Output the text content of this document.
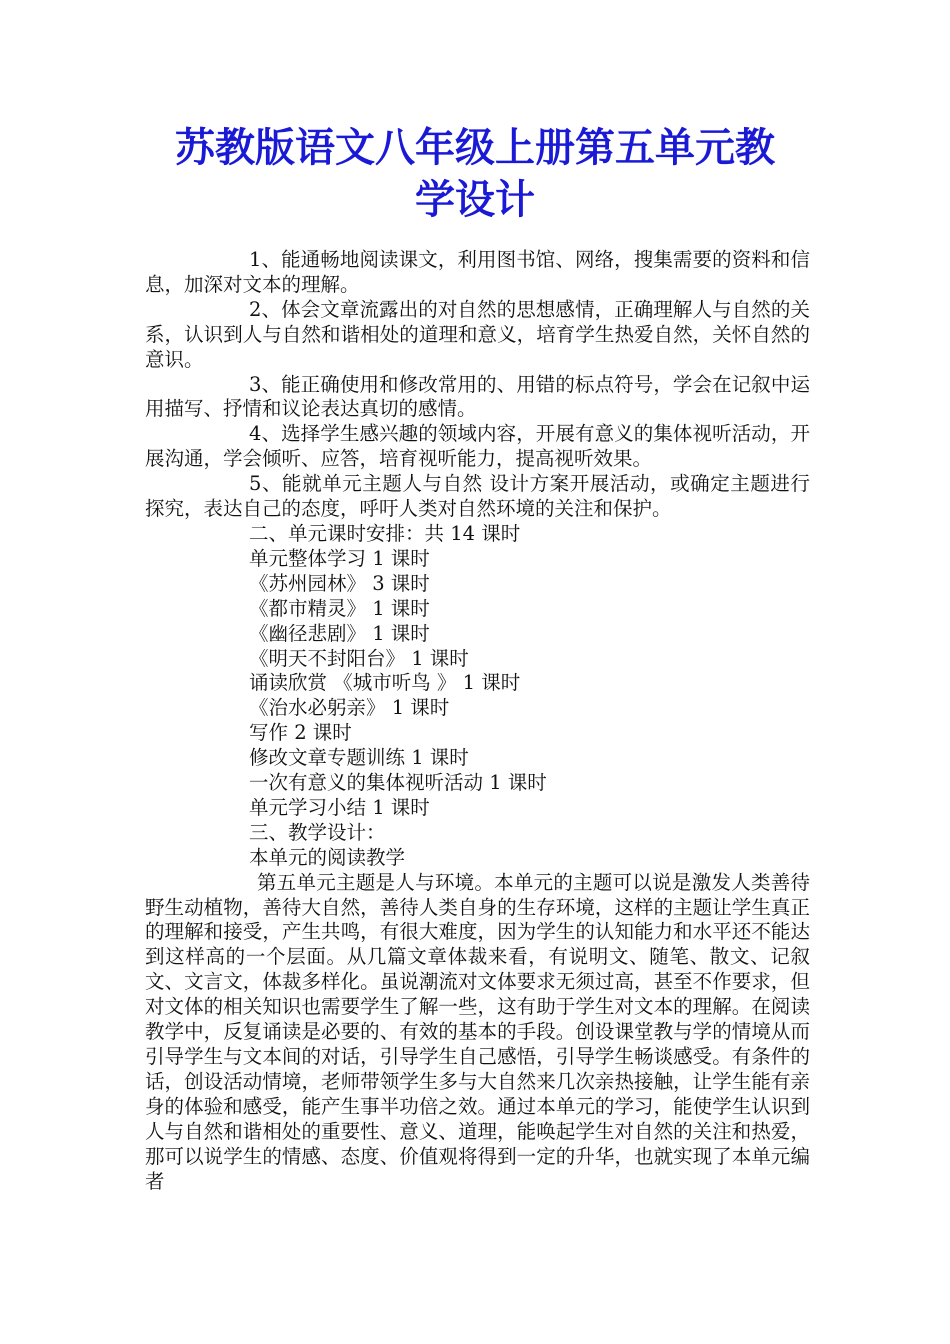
苏教版语文八年级上册第五单元教
学设计

1、能通畅地阅读课文，利用图书馆、网络，搜集需要的资料和信息，加深对文本的理解。

2、体会文章流露出的对自然的思想感情，正确理解人与自然的关系，认识到人与自然和谐相处的道理和意义，培育学生热爱自然，关怀自然的意识。

3、能正确使用和修改常用的、用错的标点符号，学会在记叙中运用描写、抒情和议论表达真切的感情。

4、选择学生感兴趣的领域内容，开展有意义的集体视听活动，开展沟通，学会倾听、应答，培育视听能力，提高视听效果。

5、能就单元主题人与自然 设计方案开展活动，或确定主题进行探究，表达自己的态度，呼吁人类对自然环境的关注和保护。

二、单元课时安排：共 14 课时

单元整体学习 1 课时

《苏州园林》 3 课时

《都市精灵》 1 课时

《幽径悲剧》 1 课时

《明天不封阳台》 1 课时

诵读欣赏 《城市听鸟 》 1 课时

《治水必躬亲》 1 课时

写作 2 课时

修改文章专题训练 1 课时

一次有意义的集体视听活动 1 课时

单元学习小结 1 课时

三、教学设计：

本单元的阅读教学

第五单元主题是人与环境。本单元的主题可以说是激发人类善待野生动植物，善待大自然，善待人类自身的生存环境，这样的主题让学生真正的理解和接受，产生共鸣，有很大难度，因为学生的认知能力和水平还不能达到这样高的一个层面。从几篇文章体裁来看，有说明文、随笔、散文、记叙文、文言文，体裁多样化。虽说潮流对文体要求无须过高，甚至不作要求，但对文体的相关知识也需要学生了解一些，这有助于学生对文本的理解。在阅读教学中，反复诵读是必要的、有效的基本的手段。创设课堂教与学的情境从而引导学生与文本间的对话，引导学生自己感悟，引导学生畅谈感受。有条件的话，创设活动情境，老师带领学生多与大自然来几次亲热接触，让学生能有亲身的体验和感受，能产生事半功倍之效。通过本单元的学习，能使学生认识到人与自然和谐相处的重要性、意义、道理，能唤起学生对自然的关注和热爱，那可以说学生的情感、态度、价值观将得到一定的升华，也就实现了本单元编者
